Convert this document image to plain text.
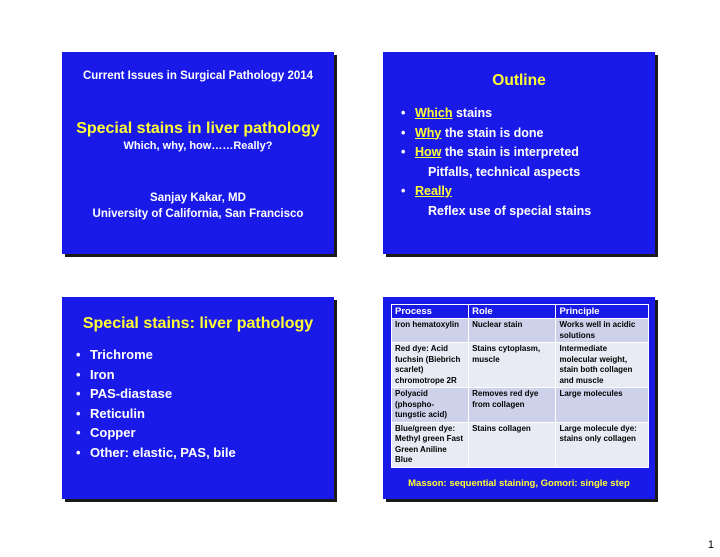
Current Issues in Surgical Pathology 2014
Special stains in liver pathology
Which, why, how……Really?
Sanjay Kakar, MD
University of California, San Francisco
Outline
• Which stains
• Why the stain is done
• How the stain is interpreted
Pitfalls, technical aspects
• Really
Reflex use of special stains
Special stains: liver pathology
• Trichrome
• Iron
• PAS-diastase
• Reticulin
• Copper
• Other: elastic, PAS, bile
Process	Role	Principle
Iron hematoxylin	Nuclear stain	Works well in acidic solutions
Red dye: Acid fuchsin (Biebrich scarlet) chromotrope 2R	Stains cytoplasm, muscle	Intermediate molecular weight, stain both collagen and muscle
Polyacid (phospho-tungstic acid)	Removes red dye from collagen	Large molecules
Blue/green dye: Methyl green Fast Green Aniline Blue	Stains collagen	Large molecule dye: stains only collagen
Masson: sequential staining, Gomori: single step
1
